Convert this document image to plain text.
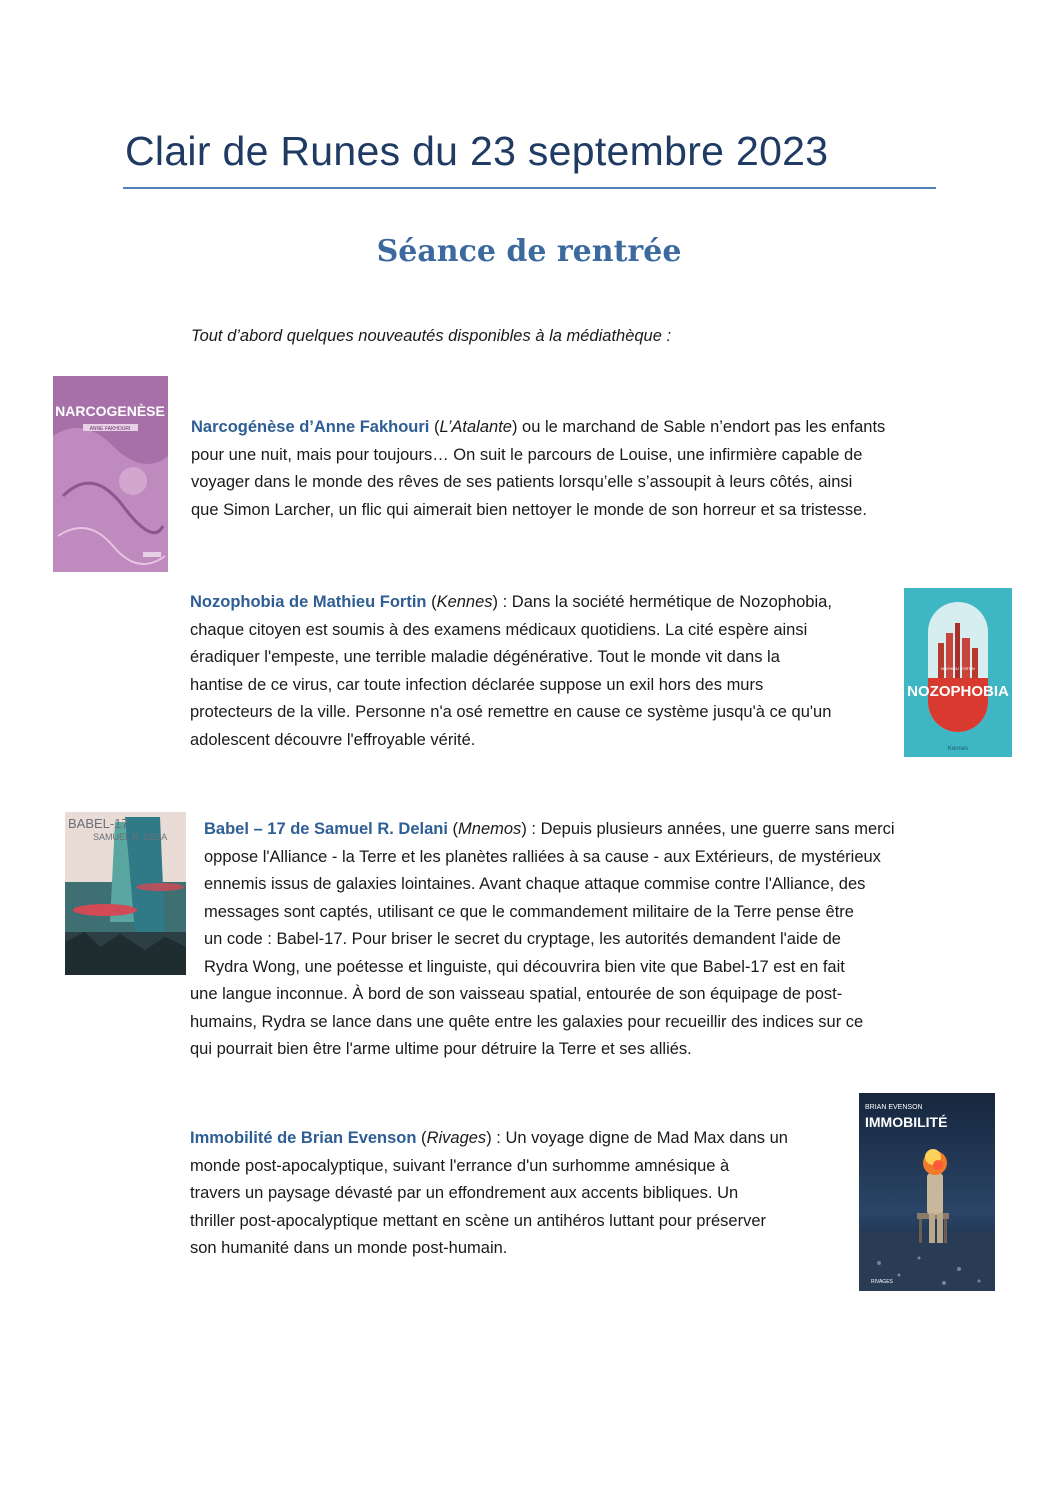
Clair de Runes du 23 septembre 2023
Séance de rentrée
Tout d’abord quelques nouveautés disponibles à la médiathèque :
NARCOGENÈSE
ANNE FAKHOURI	Narcogénèse d’Anne Fakhouri (L’Atalante) ou le marchand de Sable n’endort pas les enfants
pour une nuit, mais pour toujours… On suit le parcours de Louise, une infirmière capable de
voyager dans le monde des rêves de ses patients lorsqu’elle s’assoupit à leurs côtés, ainsi
que Simon Larcher, un flic qui aimerait bien nettoyer le monde de son horreur et sa tristesse.
Nozophobia de Mathieu Fortin (Kennes) : Dans la société hermétique de Nozophobia,
chaque citoyen est soumis à des examens médicaux quotidiens. La cité espère ainsi
éradiquer l'empeste, une terrible maladie dégénérative. Tout le monde vit dans la
hantise de ce virus, car toute infection déclarée suppose un exil hors des murs
protecteurs de la ville. Personne n'a osé remettre en cause ce système jusqu'à ce qu'un
adolescent découvre l'effroyable vérité.
NOZOPHOBIA
MATHIEU FORTIN
Kennes
BABEL-17
SAMUEL R. DELA Babel – 17 de Samuel R. Delani (Mnemos) : Depuis plusieurs années, une guerre sans merci
oppose l'Alliance - la Terre et les planètes ralliées à sa cause - aux Extérieurs, de mystérieux
ennemis issus de galaxies lointaines. Avant chaque attaque commise contre l'Alliance, des
messages sont captés, utilisant ce que le commandement militaire de la Terre pense être
un code : Babel-17. Pour briser le secret du cryptage, les autorités demandent l'aide de
Rydra Wong, une poétesse et linguiste, qui découvrira bien vite que Babel-17 est en fait
une langue inconnue. À bord de son vaisseau spatial, entourée de son équipage de post-
humains, Rydra se lance dans une quête entre les galaxies pour recueillir des indices sur ce
qui pourrait bien être l'arme ultime pour détruire la Terre et ses alliés.
Immobilité de Brian Evenson (Rivages) : Un voyage digne de Mad Max dans un
monde post-apocalyptique, suivant l'errance d'un surhomme amnésique à
travers un paysage dévasté par un effondrement aux accents bibliques. Un
thriller post-apocalyptique mettant en scène un antihéros luttant pour préserver
son humanité dans un monde post-humain.
BRIAN EVENSON
IMMOBILITÉ
RIVAGES
